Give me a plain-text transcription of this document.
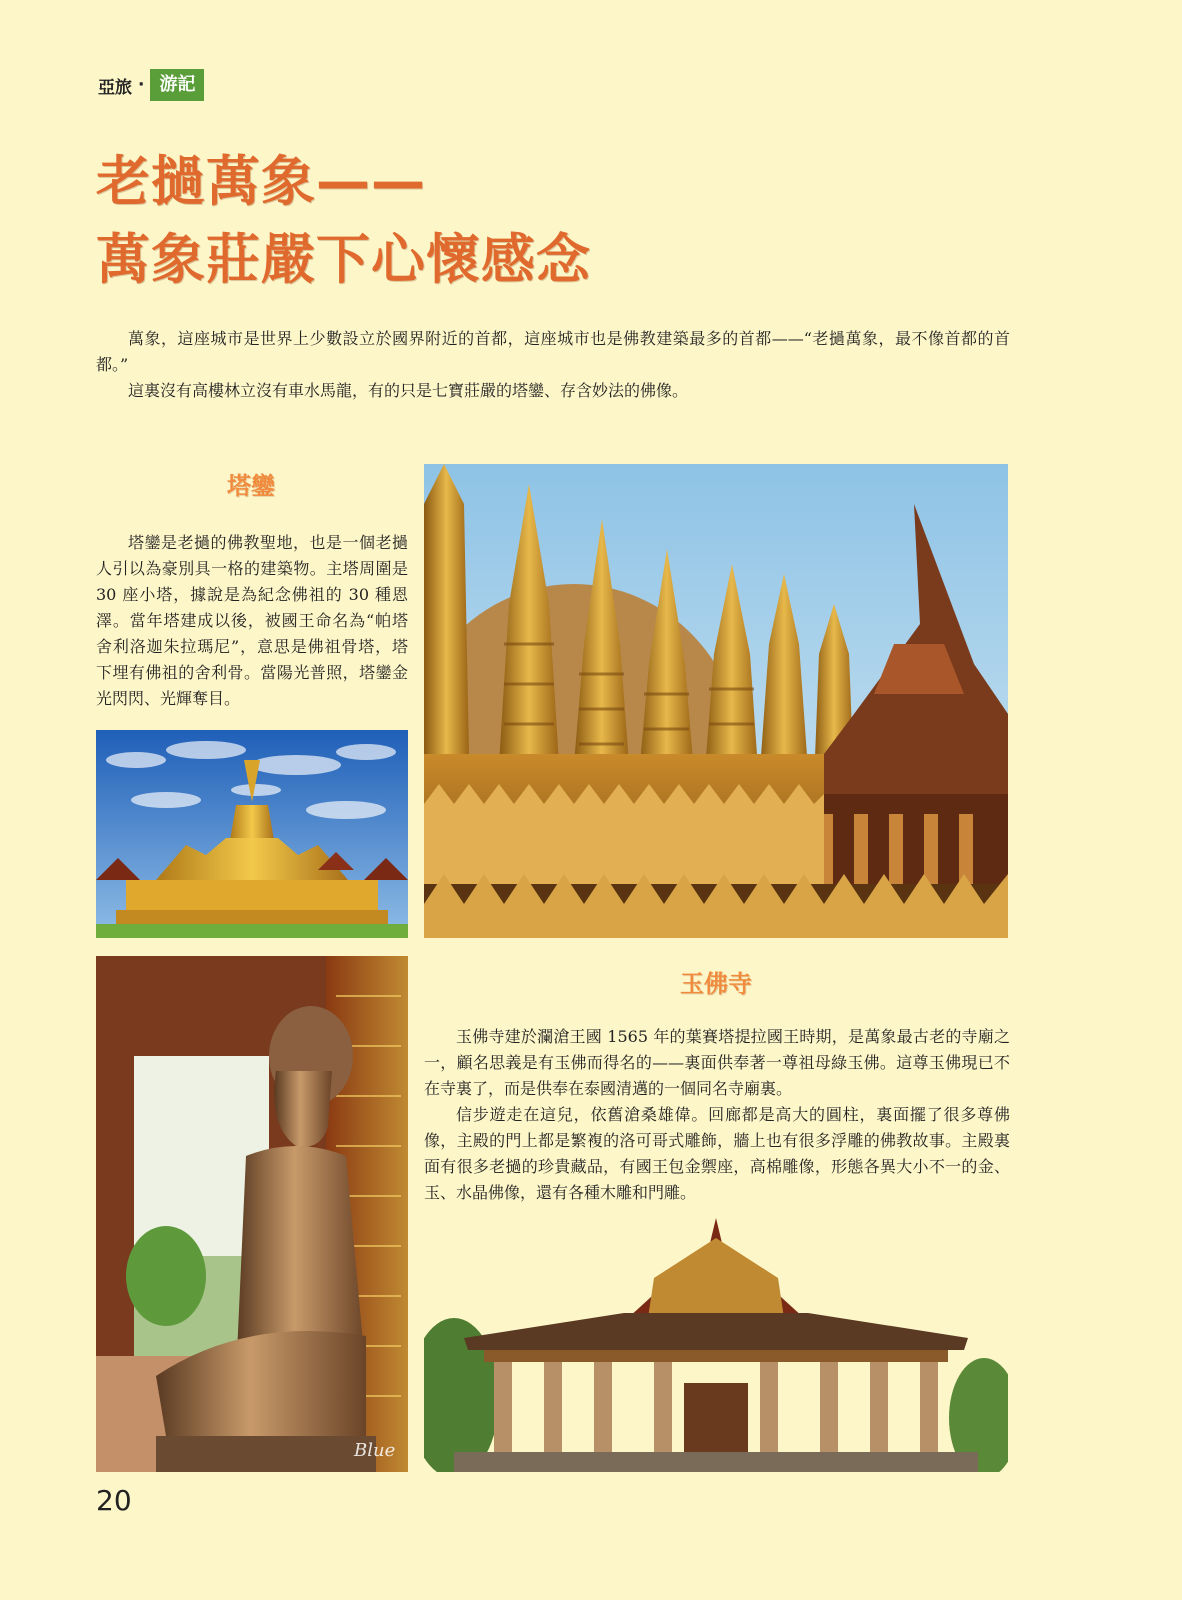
亞旅 · 游記
老撾萬象——
萬象莊嚴下心懷感念

萬象，這座城市是世界上少數設立於國界附近的首都，這座城市也是佛教建築最多的首都——“老撾萬象，最不像首都的首都。”

這裏沒有高樓林立沒有車水馬龍，有的只是七寶莊嚴的塔鑾、存含妙法的佛像。

塔鑾

塔鑾是老撾的佛教聖地，也是一個老撾人引以為豪別具一格的建築物。主塔周圍是 30 座小塔，據說是為紀念佛祖的 30 種恩澤。當年塔建成以後，被國王命名為“帕塔舍利洛迦朱拉瑪尼”，意思是佛祖骨塔，塔下埋有佛祖的舍利骨。當陽光普照，塔鑾金光閃閃、光輝奪目。

Blue
玉佛寺

玉佛寺建於瀾滄王國 1565 年的葉賽塔提拉國王時期，是萬象最古老的寺廟之一，顧名思義是有玉佛而得名的——裏面供奉著一尊祖母綠玉佛。這尊玉佛現已不在寺裏了，而是供奉在泰國清邁的一個同名寺廟裏。

信步遊走在這兒，依舊滄桑雄偉。回廊都是高大的圓柱，裏面擺了很多尊佛像，主殿的門上都是繁複的洛可哥式雕飾，牆上也有很多浮雕的佛教故事。主殿裏面有很多老撾的珍貴藏品，有國王包金禦座，高棉雕像，形態各異大小不一的金、玉、水晶佛像，還有各種木雕和門雕。

20
